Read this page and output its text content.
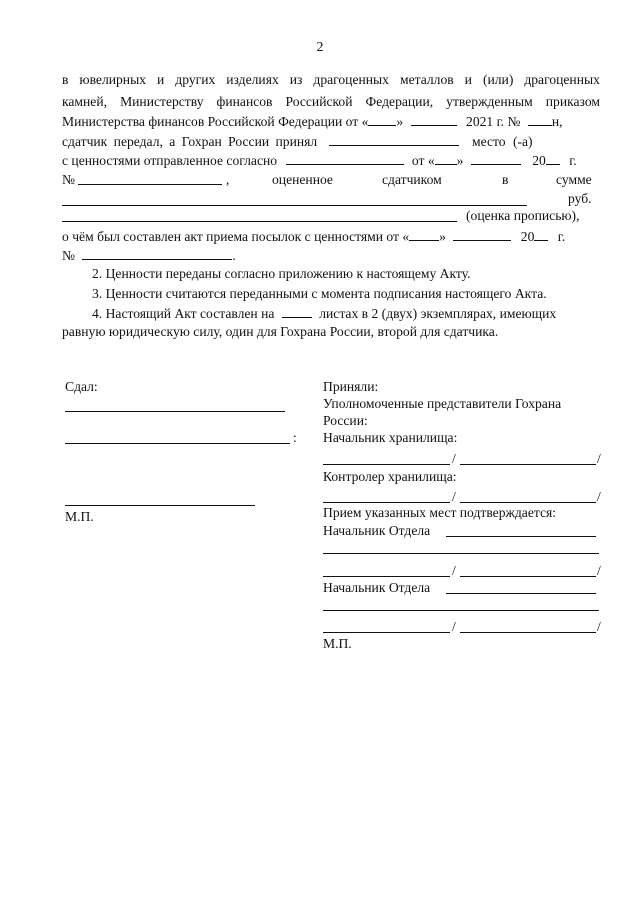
2
в ювелирных и других изделиях из драгоценных металлов и (или) драгоценных
камней, Министерству финансов Российской Федерации, утвержденным приказом
Министерства финансов Российской Федерации от « »	2021 г. № н,
сдатчик передал, а Гохран России принял	место (-а)
с ценностями отправленное согласно	от « »	20 г.
№	,	оцененное	сдатчиком	в	сумме
руб.
(оценка прописью),
о чём был составлен акт приема посылок с ценностями от « »	20 г.
№	.
2. Ценности переданы согласно приложению к настоящему Акту.
3. Ценности считаются переданными с момента подписания настоящего Акта.
4. Настоящий Акт составлен на	листах в 2 (двух) экземплярах, имеющих
равную юридическую силу, один для Гохрана России, второй для сдатчика.
Сдал:
:
М.П.
Приняли:
Уполномоченные представители Гохрана
России:
Начальник хранилища:
/	/
Контролер хранилища:
/	/
Прием указанных мест подтверждается:
Начальник Отдела
/	/
Начальник Отдела
/	/
М.П.
